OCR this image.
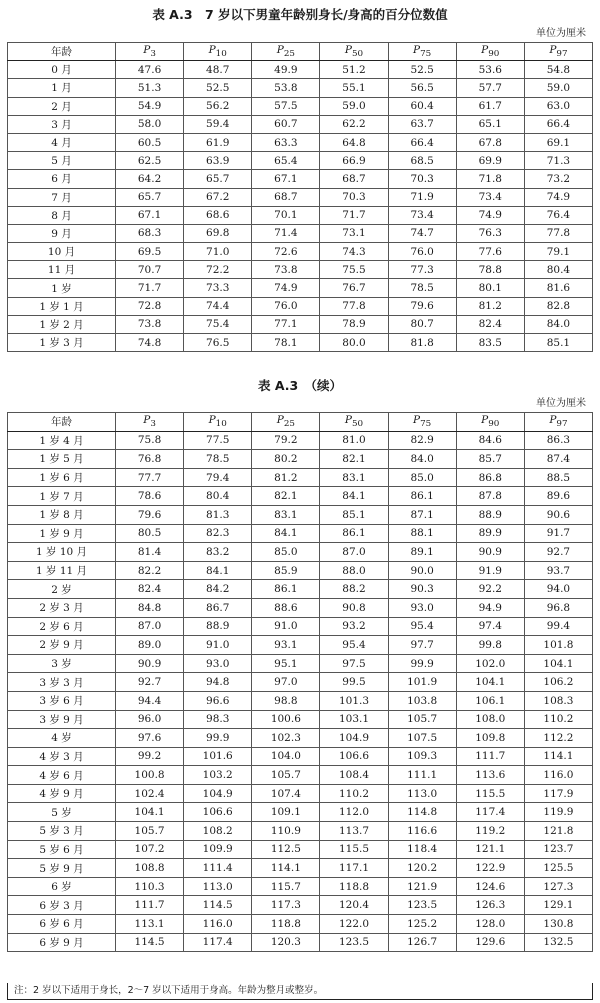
表 A.3　7 岁以下男童年龄别身长/身高的百分位数值
单位为厘米
年龄	$P_3$	$P_{10}$	$P_{25}$	$P_{50}$	$P_{75}$	$P_{90}$	$P_{97}$
0 月	47.6	48.7	49.9	51.2	52.5	53.6	54.8
1 月	51.3	52.5	53.8	55.1	56.5	57.7	59.0
2 月	54.9	56.2	57.5	59.0	60.4	61.7	63.0
3 月	58.0	59.4	60.7	62.2	63.7	65.1	66.4
4 月	60.5	61.9	63.3	64.8	66.4	67.8	69.1
5 月	62.5	63.9	65.4	66.9	68.5	69.9	71.3
6 月	64.2	65.7	67.1	68.7	70.3	71.8	73.2
7 月	65.7	67.2	68.7	70.3	71.9	73.4	74.9
8 月	67.1	68.6	70.1	71.7	73.4	74.9	76.4
9 月	68.3	69.8	71.4	73.1	74.7	76.3	77.8
10 月	69.5	71.0	72.6	74.3	76.0	77.6	79.1
11 月	70.7	72.2	73.8	75.5	77.3	78.8	80.4
1 岁	71.7	73.3	74.9	76.7	78.5	80.1	81.6
1 岁 1 月	72.8	74.4	76.0	77.8	79.6	81.2	82.8
1 岁 2 月	73.8	75.4	77.1	78.9	80.7	82.4	84.0
1 岁 3 月	74.8	76.5	78.1	80.0	81.8	83.5	85.1
表 A.3　（续）
单位为厘米
年龄	$P_3$	$P_{10}$	$P_{25}$	$P_{50}$	$P_{75}$	$P_{90}$	$P_{97}$
1 岁 4 月	75.8	77.5	79.2	81.0	82.9	84.6	86.3
1 岁 5 月	76.8	78.5	80.2	82.1	84.0	85.7	87.4
1 岁 6 月	77.7	79.4	81.2	83.1	85.0	86.8	88.5
1 岁 7 月	78.6	80.4	82.1	84.1	86.1	87.8	89.6
1 岁 8 月	79.6	81.3	83.1	85.1	87.1	88.9	90.6
1 岁 9 月	80.5	82.3	84.1	86.1	88.1	89.9	91.7
1 岁 10 月	81.4	83.2	85.0	87.0	89.1	90.9	92.7
1 岁 11 月	82.2	84.1	85.9	88.0	90.0	91.9	93.7
2 岁	82.4	84.2	86.1	88.2	90.3	92.2	94.0
2 岁 3 月	84.8	86.7	88.6	90.8	93.0	94.9	96.8
2 岁 6 月	87.0	88.9	91.0	93.2	95.4	97.4	99.4
2 岁 9 月	89.0	91.0	93.1	95.4	97.7	99.8	101.8
3 岁	90.9	93.0	95.1	97.5	99.9	102.0	104.1
3 岁 3 月	92.7	94.8	97.0	99.5	101.9	104.1	106.2
3 岁 6 月	94.4	96.6	98.8	101.3	103.8	106.1	108.3
3 岁 9 月	96.0	98.3	100.6	103.1	105.7	108.0	110.2
4 岁	97.6	99.9	102.3	104.9	107.5	109.8	112.2
4 岁 3 月	99.2	101.6	104.0	106.6	109.3	111.7	114.1
4 岁 6 月	100.8	103.2	105.7	108.4	111.1	113.6	116.0
4 岁 9 月	102.4	104.9	107.4	110.2	113.0	115.5	117.9
5 岁	104.1	106.6	109.1	112.0	114.8	117.4	119.9
5 岁 3 月	105.7	108.2	110.9	113.7	116.6	119.2	121.8
5 岁 6 月	107.2	109.9	112.5	115.5	118.4	121.1	123.7
5 岁 9 月	108.8	111.4	114.1	117.1	120.2	122.9	125.5
6 岁	110.3	113.0	115.7	118.8	121.9	124.6	127.3
6 岁 3 月	111.7	114.5	117.3	120.4	123.5	126.3	129.1
6 岁 6 月	113.1	116.0	118.8	122.0	125.2	128.0	130.8
6 岁 9 月	114.5	117.4	120.3	123.5	126.7	129.6	132.5
注：2 岁以下适用于身长，2～7 岁以下适用于身高。年龄为整月或整岁。
